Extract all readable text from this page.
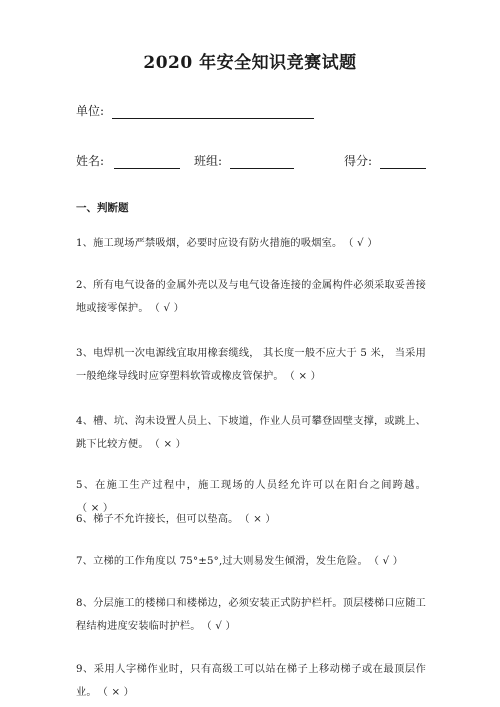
2020 年安全知识竞赛试题
单位:
姓名:	班组:	得分:
一、判断题
1、施工现场严禁吸烟，必要时应设有防火措施的吸烟室。 （ √ ）
2、所有电气设备的金属外壳以及与电气设备连接的金属构件必须采取妥善接地或接零保护。 （ √ ）
3、电焊机一次电源线宜取用橡套缆线， 其长度一般不应大于 5 米， 当采用一般绝缘导线时应穿塑料软管或橡皮管保护。 （ × ）
4、槽、坑、沟未设置人员上、下坡道，作业人员可攀登固壁支撑，或跳上、跳下比较方便。 （ × ）
5、在施工生产过程中，施工现场的人员经允许可以在阳台之间跨越。（ × ）
6、梯子不允许接长，但可以垫高。 （ × ）
7、立梯的工作角度以 75°±5°,过大则易发生倾滑，发生危险。 （ √ ）
8、分层施工的楼梯口和楼梯边，必须安装正式防护栏杆。顶层楼梯口应随工程结构进度安装临时护栏。 （ √ ）
9、采用人字梯作业时，只有高级工可以站在梯子上移动梯子或在最顶层作业。 （ × ）
